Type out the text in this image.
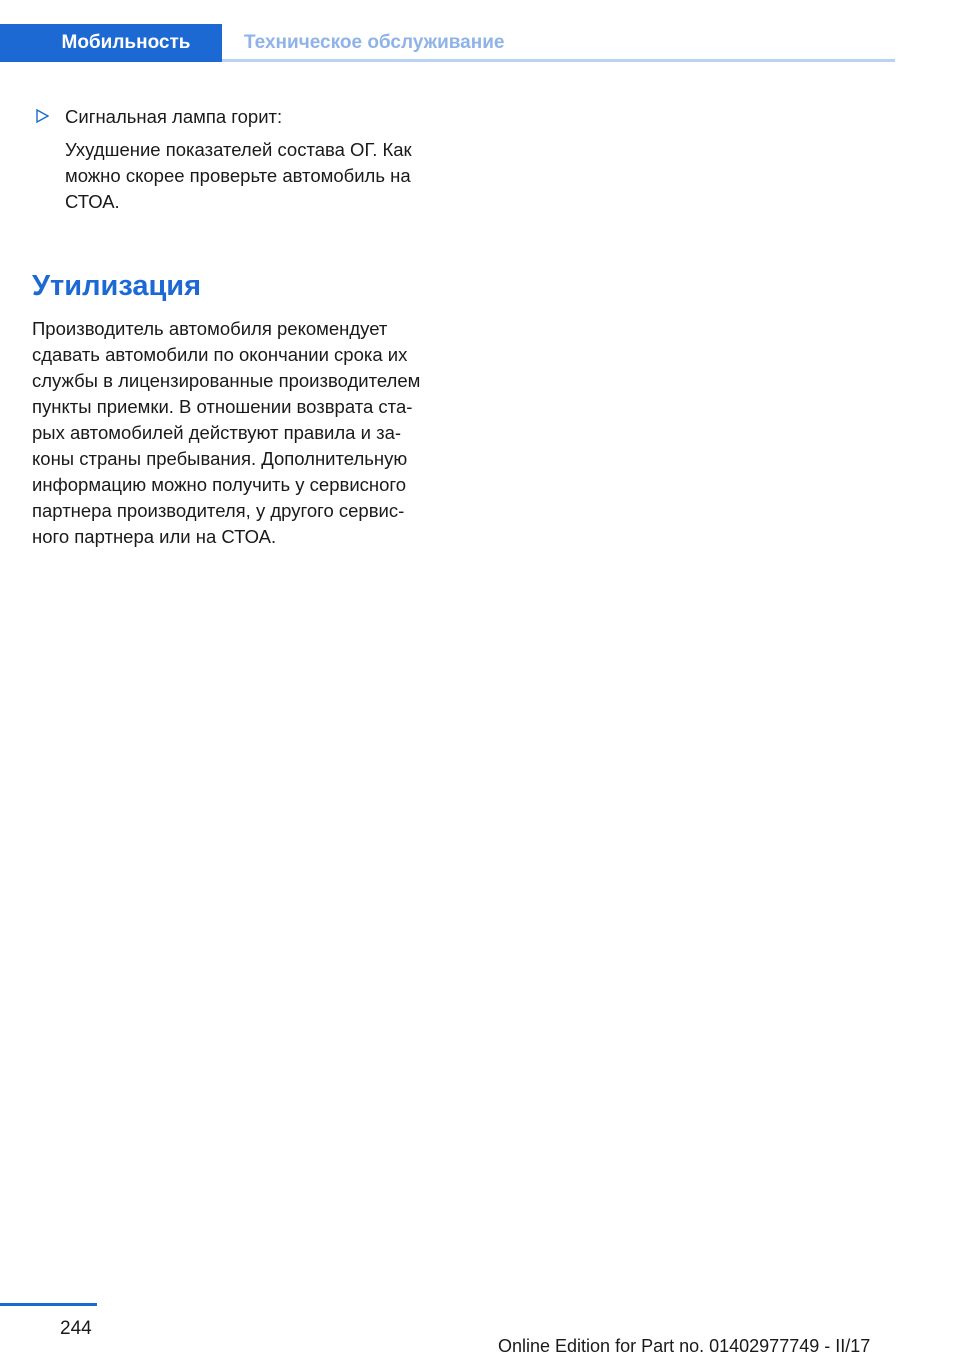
Мобильность	Техническое обслуживание
Сигнальная лампа горит:

Ухудшение показателей состава ОГ. Как
можно скорее проверьте автомобиль на
СТОА.

Утилизация

Производитель автомобиля рекомендует
сдавать автомобили по окончании срока их
службы в лицензированные производителем
пункты приемки. В отношении возврата ста-
рых автомобилей действуют правила и за-
коны страны пребывания. Дополнительную
информацию можно получить у сервисного
партнера производителя, у другого сервис-
ного партнера или на СТОА.

244
Online Edition for Part no. 01402977749 - II/17
